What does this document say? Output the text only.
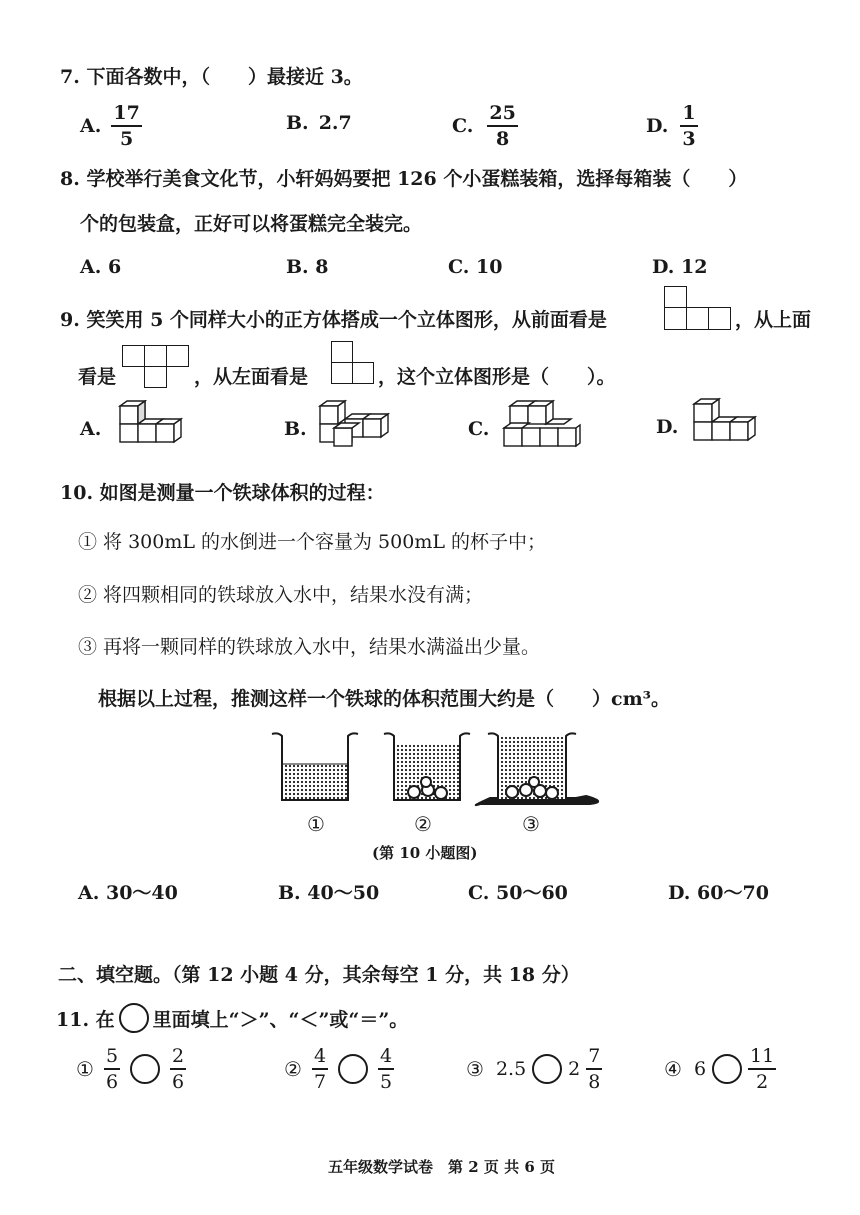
7. 下面各数中，（　　）最接近 3。
A. $\frac{17}{5}$	B. 2.7	C. $\frac{25}{8}$	D. $\frac{1}{3}$
8. 学校举行美食文化节，小轩妈妈要把 126 个小蛋糕装箱，选择每箱装（　　）
个的包装盒，正好可以将蛋糕完全装完。
A. 6	B. 8	C. 10	D. 12
9. 笑笑用 5 个同样大小的正方体搭成一个立体图形，从前面看是	，从上面
看是	，从左面看是	，这个立体图形是（　　）。
A.	B.	C.	D.
10. 如图是测量一个铁球体积的过程：
① 将 300mL 的水倒进一个容量为 500mL 的杯子中；
② 将四颗相同的铁球放入水中，结果水没有满；
③ 再将一颗同样的铁球放入水中，结果水满溢出少量。
根据以上过程，推测这样一个铁球的体积范围大约是（　　）cm³。
①	②	③
(第 10 小题图)
A. 30～40	B. 40～50	C. 50～60	D. 60～70
二、填空题。（第 12 小题 4 分，其余每空 1 分，共 18 分）
11. 在 里面填上“＞”、“＜”或“＝”。
① $\frac{5}{6}$	$\frac{2}{6}$	② $\frac{4}{7}$	$\frac{4}{5}$	③ 2.5 $2 \frac{7}{8}$	④ $6 \frac{11}{2}$
五年级数学试卷　第 2 页 共 6 页
